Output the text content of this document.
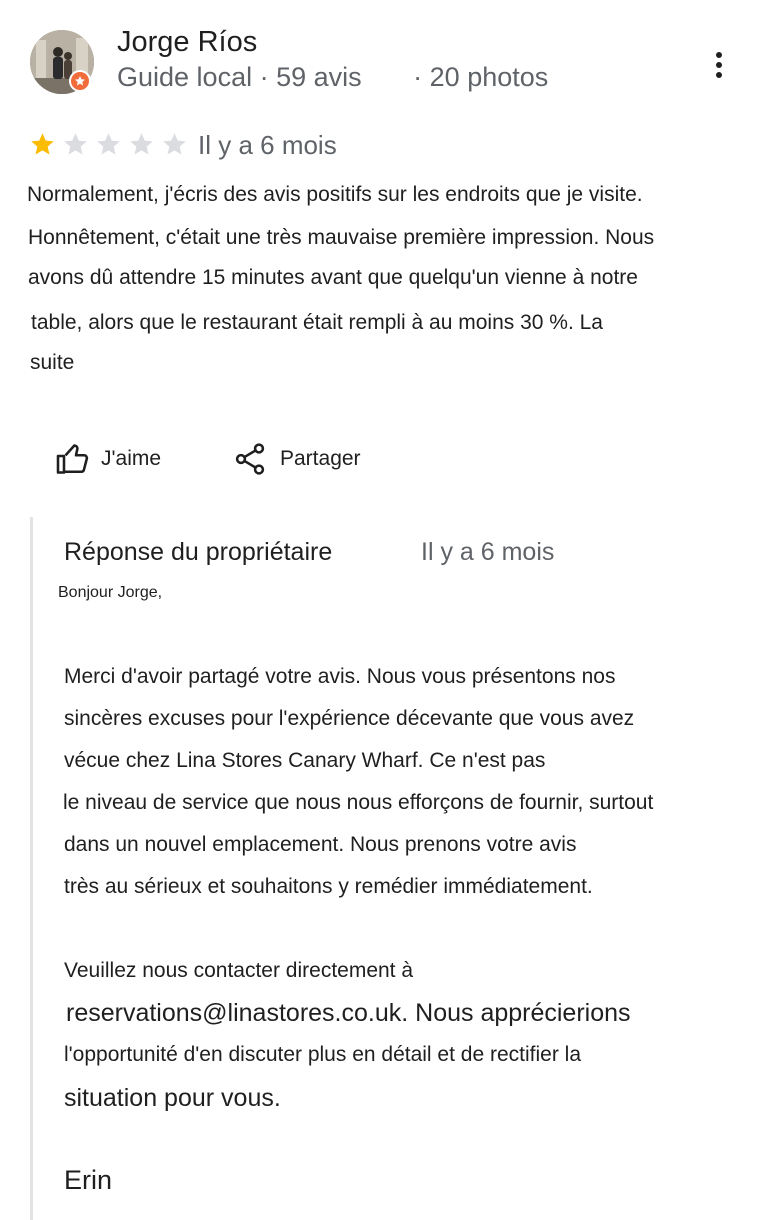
Jorge Ríos
Guide local · 59 avis · 20 photos
Il y a 6 mois
Normalement, j'écris des avis positifs sur les endroits que je visite.
Honnêtement, c'était une très mauvaise première impression. Nous
avons dû attendre 15 minutes avant que quelqu'un vienne à notre
table, alors que le restaurant était rempli à au moins 30 %. La
suite
J'aime	Partager
Réponse du propriétaire	Il y a 6 mois
Bonjour Jorge,
Merci d'avoir partagé votre avis. Nous vous présentons nos
sincères excuses pour l'expérience décevante que vous avez
vécue chez Lina Stores Canary Wharf. Ce n'est pas
le niveau de service que nous nous efforçons de fournir, surtout
dans un nouvel emplacement. Nous prenons votre avis
très au sérieux et souhaitons y remédier immédiatement.
Veuillez nous contacter directement à
reservations@linastores.co.uk. Nous apprécierions
l'opportunité d'en discuter plus en détail et de rectifier la
situation pour vous.
Erin
